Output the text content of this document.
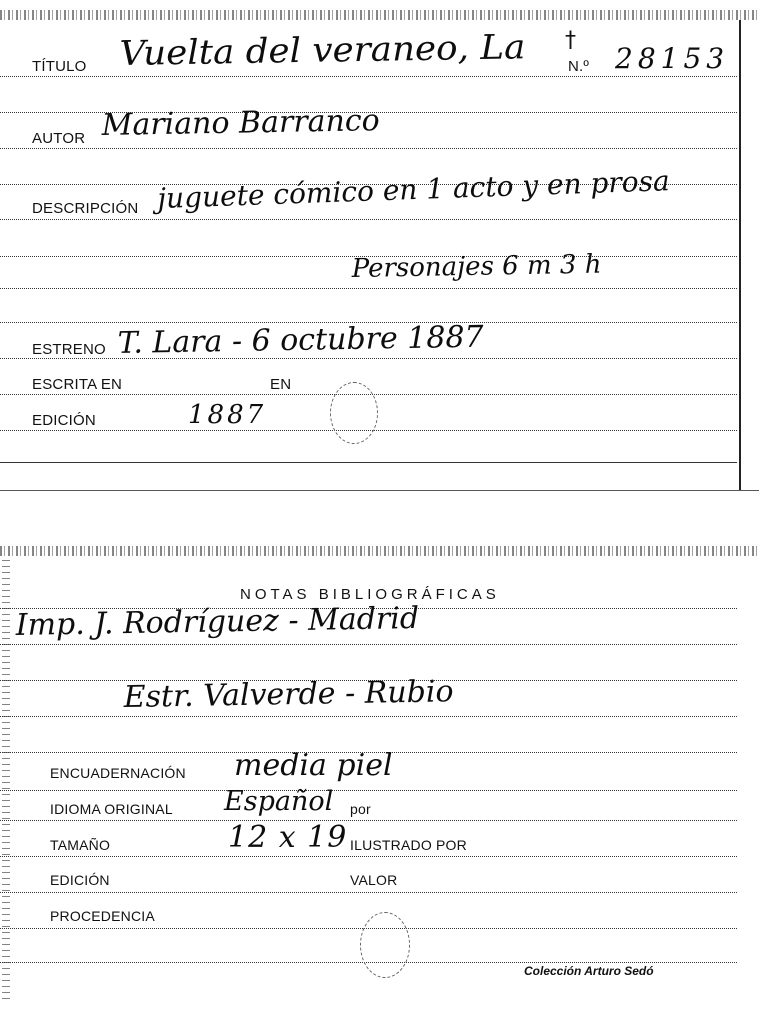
TÍTULO Vuelta del veraneo, La †
N.º 28153
AUTOR Mariano Barranco
DESCRIPCIÓN juguete cómico en 1 acto y en prosa
Personajes 6 m 3 h
ESTRENO T. Lara - 6 octubre 1887
ESCRITA EN	EN
EDICIÓN	1887
NOTAS BIBLIOGRÁFICAS
Imp. J. Rodríguez - Madrid
Estr. Valverde - Rubio
ENCUADERNACIÓN media piel
IDIOMA ORIGINAL Español por
TAMAÑO	12 x 19 ILUSTRADO POR
EDICIÓN	VALOR
PROCEDENCIA
Colección Arturo Sedó
